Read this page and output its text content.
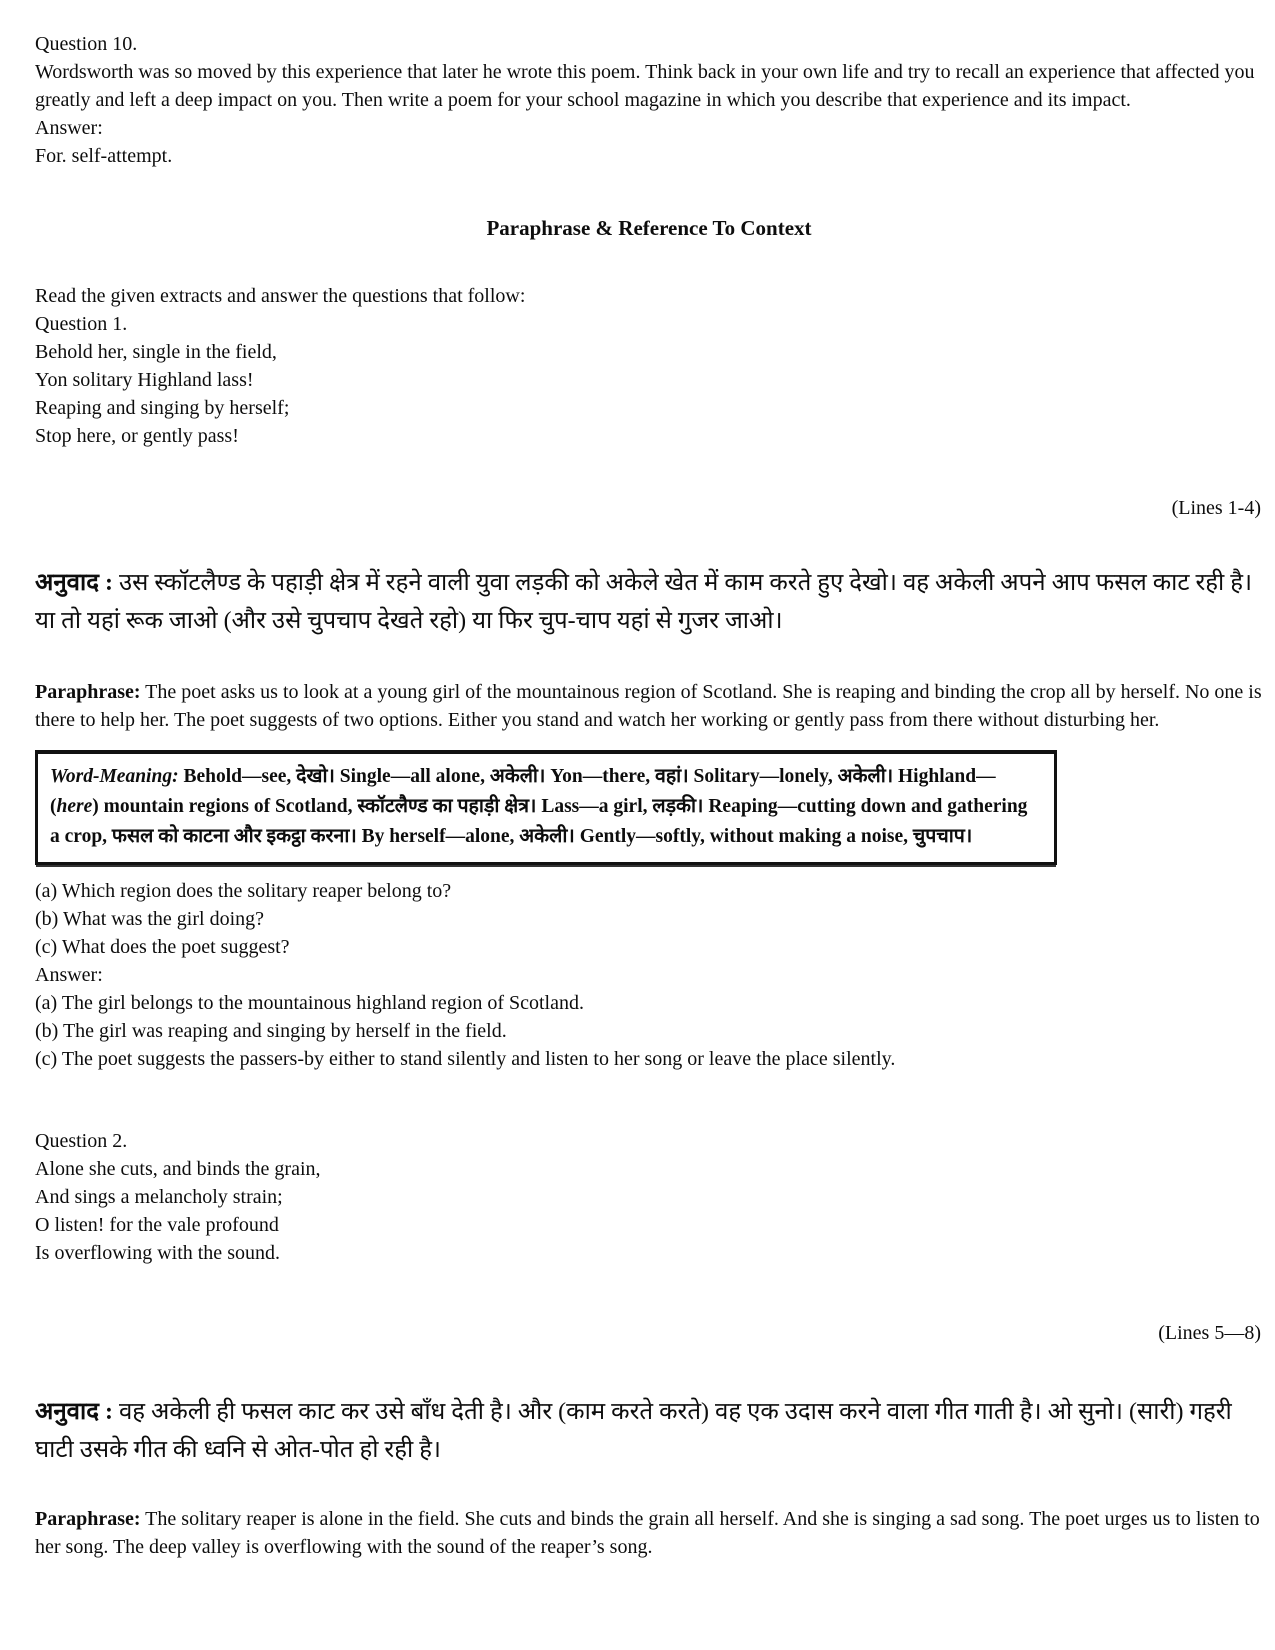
Question 10.
Wordsworth was so moved by this experience that later he wrote this poem. Think back in your own life and try to recall an experience that affected you greatly and left a deep impact on you. Then write a poem for your school magazine in which you describe that experience and its impact.
Answer:
For. self-attempt.
Paraphrase & Reference To Context
Read the given extracts and answer the questions that follow:
Question 1.
Behold her, single in the field,
Yon solitary Highland lass!
Reaping and singing by herself;
Stop here, or gently pass!
(Lines 1-4)
अनुवाद : उस स्कॉटलैण्ड के पहाड़ी क्षेत्र में रहने वाली युवा लड़की को अकेले खेत में काम करते हुए देखो। वह अकेली अपने आप फसल काट रही है। या तो यहां रूक जाओ (और उसे चुपचाप देखते रहो) या फिर चुप-चाप यहां से गुजर जाओ।
Paraphrase: The poet asks us to look at a young girl of the mountainous region of Scotland. She is reaping and binding the crop all by herself. No one is there to help her. The poet suggests of two options. Either you stand and watch her working or gently pass from there without disturbing her.
Word-Meaning: Behold—see, देखो। Single—all alone, अकेली। Yon—there, वहां। Solitary—lonely, अकेली। Highland—(here) mountain regions of Scotland, स्कॉटलैण्ड का पहाड़ी क्षेत्र। Lass—a girl, लड़की। Reaping—cutting down and gathering a crop, फसल को काटना और इकट्ठा करना। By herself—alone, अकेली। Gently—softly, without making a noise, चुपचाप।
(a) Which region does the solitary reaper belong to?
(b) What was the girl doing?
(c) What does the poet suggest?
Answer:
(a) The girl belongs to the mountainous highland region of Scotland.
(b) The girl was reaping and singing by herself in the field.
(c) The poet suggests the passers-by either to stand silently and listen to her song or leave the place silently.
Question 2.
Alone she cuts, and binds the grain,
And sings a melancholy strain;
O listen! for the vale profound
Is overflowing with the sound.
(Lines 5—8)
अनुवाद : वह अकेली ही फसल काट कर उसे बाँध देती है। और (काम करते करते) वह एक उदास करने वाला गीत गाती है। ओ सुनो। (सारी) गहरी घाटी उसके गीत की ध्वनि से ओत-पोत हो रही है।
Paraphrase: The solitary reaper is alone in the field. She cuts and binds the grain all herself. And she is singing a sad song. The poet urges us to listen to her song. The deep valley is overflowing with the sound of the reaper’s song.
